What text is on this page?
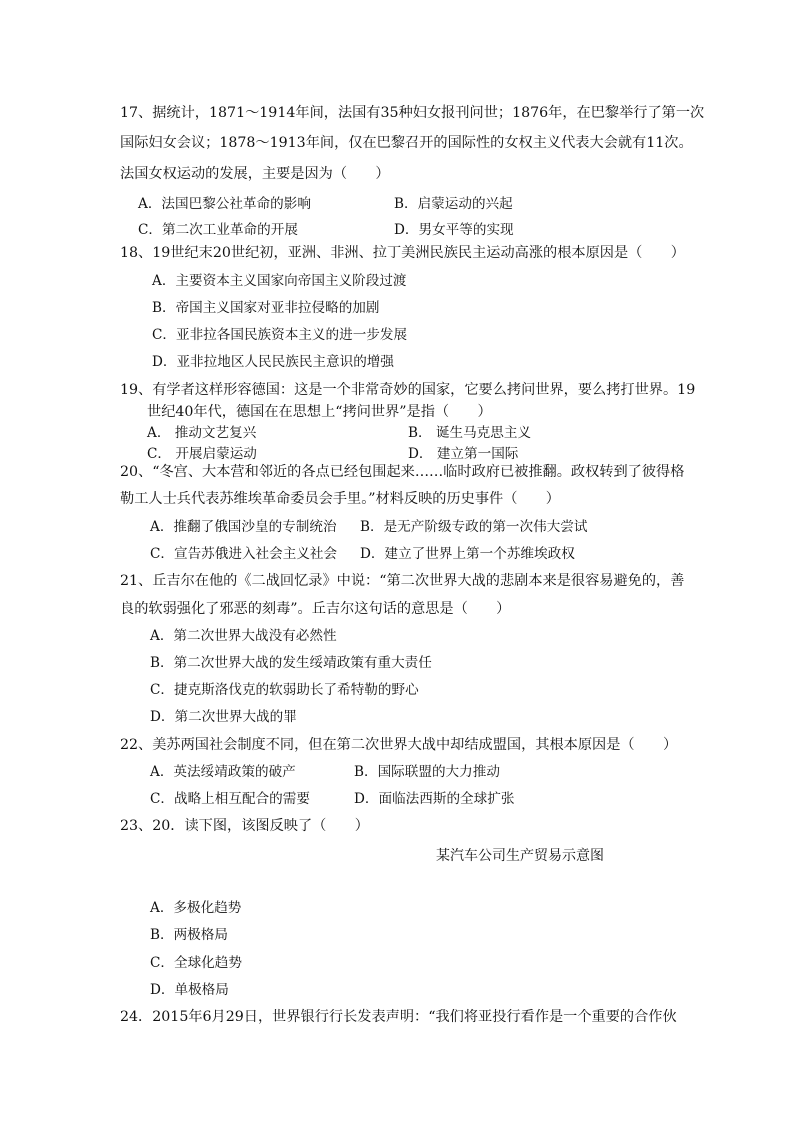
17、据统计，1871～1914年间，法国有35种妇女报刊问世；1876年，在巴黎举行了第一次
国际妇女会议；1878～1913年间，仅在巴黎召开的国际性的女权主义代表大会就有11次。
法国女权运动的发展，主要是因为（　　）
A．法国巴黎公社革命的影响	B．启蒙运动的兴起
C．第二次工业革命的开展	D．男女平等的实现
18、19世纪末20世纪初，亚洲、非洲、拉丁美洲民族民主运动高涨的根本原因是（　　）
A．主要资本主义国家向帝国主义阶段过渡
B．帝国主义国家对亚非拉侵略的加剧
C．亚非拉各国民族资本主义的进一步发展
D．亚非拉地区人民民族民主意识的增强
19、有学者这样形容德国：这是一个非常奇妙的国家，它要么拷问世界，要么拷打世界。19
世纪40年代，德国在在思想上“拷问世界”是指（　　）
A． 推动文艺复兴	B． 诞生马克思主义
C． 开展启蒙运动	D． 建立第一国际
20、“冬宫、大本营和邻近的各点已经包围起来……临时政府已被推翻。政权转到了彼得格
勒工人士兵代表苏维埃革命委员会手里。”材料反映的历史事件（　　）
A．推翻了俄国沙皇的专制统治 B．是无产阶级专政的第一次伟大尝试
C．宣告苏俄进入社会主义社会 D．建立了世界上第一个苏维埃政权
21、丘吉尔在他的《二战回忆录》中说：“第二次世界大战的悲剧本来是很容易避免的，善
良的软弱强化了邪恶的刻毒”。丘吉尔这句话的意思是（　　）
A．第二次世界大战没有必然性
B．第二次世界大战的发生绥靖政策有重大责任
C．捷克斯洛伐克的软弱助长了希特勒的野心
D．第二次世界大战的罪
22、美苏两国社会制度不同，但在第二次世界大战中却结成盟国，其根本原因是（　　）
A．英法绥靖政策的破产	B．国际联盟的大力推动
C．战略上相互配合的需要	D．面临法西斯的全球扩张
23、20．读下图，该图反映了（　　）
某汽车公司生产贸易示意图
A．多极化趋势
B．两极格局
C．全球化趋势
D．单极格局
24．2015年6月29日，世界银行行长发表声明：“我们将亚投行看作是一个重要的合作伙
